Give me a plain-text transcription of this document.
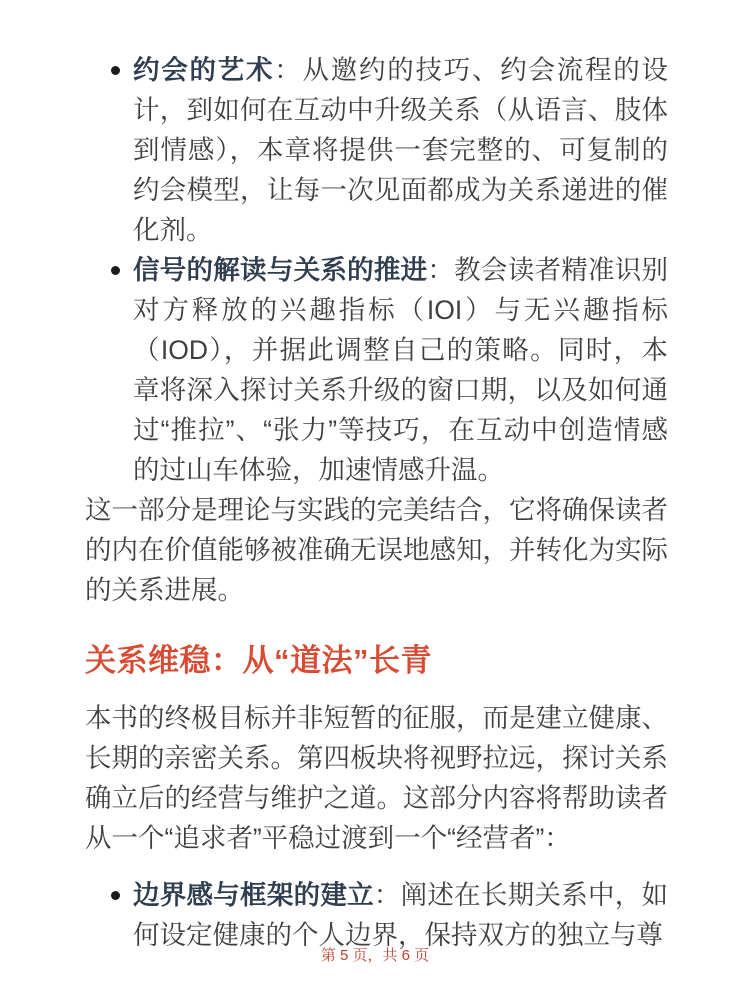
约会的艺术：从邀约的技巧、约会流程的设计，到如何在互动中升级关系（从语言、肢体到情感），本章将提供一套完整的、可复制的约会模型，让每一次见面都成为关系递进的催化剂。
信号的解读与关系的推进：教会读者精准识别对方释放的兴趣指标（IOI）与无兴趣指标（IOD），并据此调整自己的策略。同时，本章将深入探讨关系升级的窗口期，以及如何通过“推拉”、“张力”等技巧，在互动中创造情感的过山车体验，加速情感升温。

这一部分是理论与实践的完美结合，它将确保读者的内在价值能够被准确无误地感知，并转化为实际的关系进展。

关系维稳：从“道法”长青

本书的终极目标并非短暂的征服，而是建立健康、长期的亲密关系。第四板块将视野拉远，探讨关系确立后的经营与维护之道。这部分内容将帮助读者从一个“追求者”平稳过渡到一个“经营者”：

边界感与框架的建立：阐述在长期关系中，如何设定健康的个人边界，保持双方的独立与尊
第 5 页，共 6 页
